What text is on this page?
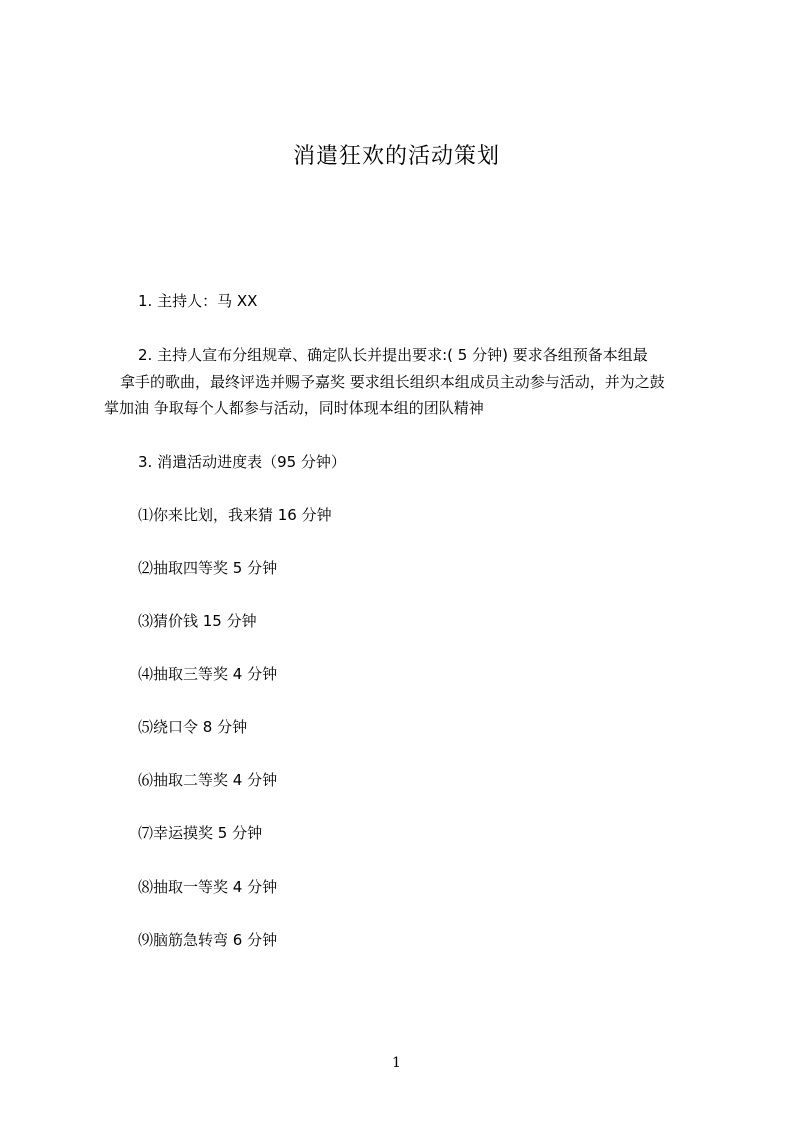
消遣狂欢的活动策划
1. 主持人：马 XX
2. 主持人宣布分组规章、确定队长并提出要求:( 5 分钟) 要求各组预备本组最
拿手的歌曲，最终评选并赐予嘉奖 要求组长组织本组成员主动参与活动，并为之鼓
掌加油 争取每个人都参与活动，同时体现本组的团队精神
3. 消遣活动进度表（95 分钟）
⑴你来比划，我来猜 16 分钟
⑵抽取四等奖 5 分钟
⑶猜价钱 15 分钟
⑷抽取三等奖 4 分钟
⑸绕口令 8 分钟
⑹抽取二等奖 4 分钟
⑺幸运摸奖 5 分钟
⑻抽取一等奖 4 分钟
⑼脑筋急转弯 6 分钟
1
